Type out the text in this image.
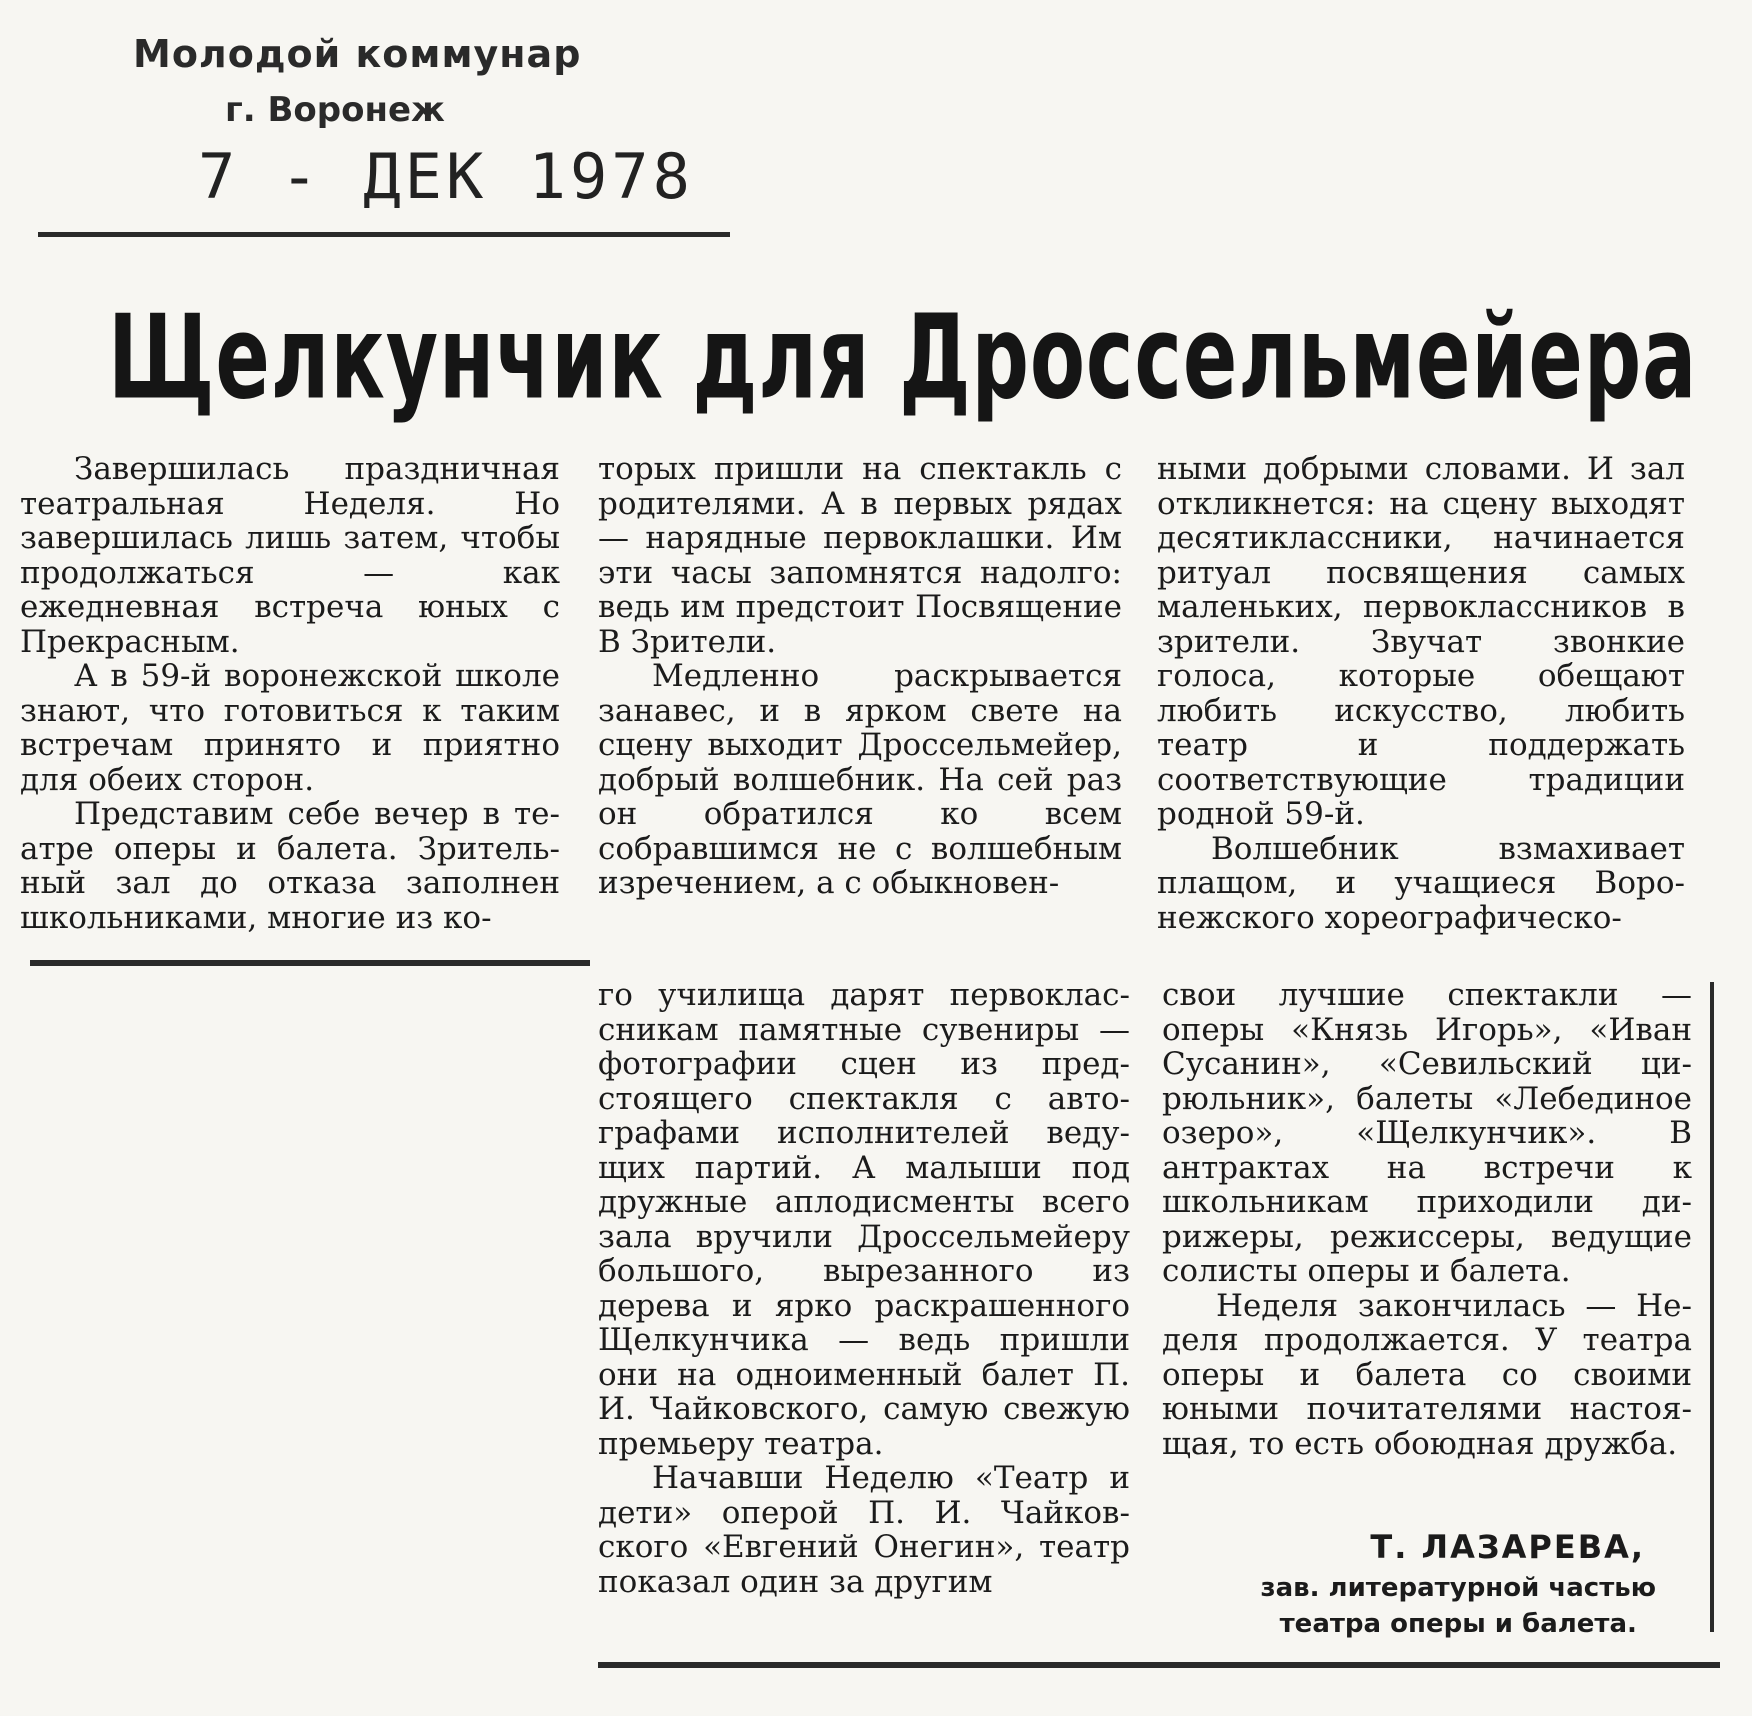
Молодой коммунар
г. Воронеж
7 - ДЕК 1978
Щелкунчик для Дроссельмейера

Завершилась праздничная театральная Неделя. Но завершилась лишь затем, чтобы продолжаться — как ежедневная встреча юных с Прекрасным.

А в 59-й воронежской школе знают, что готовиться к таким встречам принято и приятно для обеих сторон.

Представим себе вечер в театре оперы и балета. Зрительный зал до отказа заполнен школьниками, многие из ко-

торых пришли на спектакль с родителями. А в первых рядах — нарядные первоклашки. Им эти часы запомнятся надолго: ведь им предстоит Посвящение В Зрители.

Медленно раскрывается занавес, и в ярком свете на сцену выходит Дроссельмейер, добрый волшебник. На сей раз он обратился ко всем собравшимся не с волшебным изречением, а с обыкновен-

ными добрыми словами. И зал откликнется: на сцену выходят десятиклассники, начинается ритуал посвящения самых маленьких, первоклассников в зрители. Звучат звонкие голоса, которые обещают любить искусство, любить театр и поддержать соответствующие традиции родной 59-й.

Волшебник взмахивает плащом, и учащиеся Воронежского хореографическо-

го училища дарят первоклассникам памятные сувениры — фотографии сцен из предстоящего спектакля с автографами исполнителей ведущих партий. А малыши под дружные аплодисменты всего зала вручили Дроссельмейеру большого, вырезанного из дерева и ярко раскрашенного Щелкунчика — ведь пришли они на одноименный балет П. И. Чайковского, самую свежую премьеру театра.

Начавши Неделю «Театр и дети» оперой П. И. Чайковского «Евгений Онегин», театр показал один за другим

свои лучшие спектакли — оперы «Князь Игорь», «Иван Сусанин», «Севильский цирюльник», балеты «Лебединое озеро», «Щелкунчик». В антрактах на встречи к школьникам приходили дирижеры, режиссеры, ведущие солисты оперы и балета.

Неделя закончилась — Неделя продолжается. У театра оперы и балета со своими юными почитателями настоящая, то есть обоюдная дружба.

Т. ЛАЗАРЕВА,
зав. литературной частью
театра оперы и балета.
